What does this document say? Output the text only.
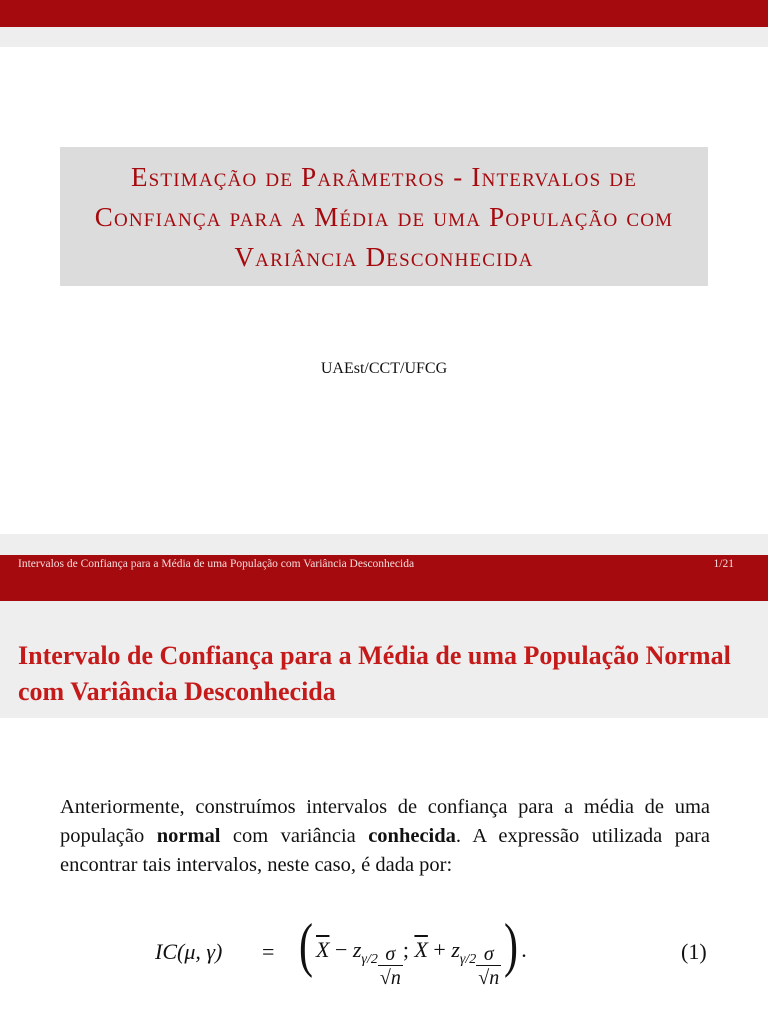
Estimação de Parâmetros - Intervalos de Confiança para a Média de uma População com Variância Desconhecida
UAEst/CCT/UFCG
Intervalos de Confiança para a Média de uma População com Variância Desconhecida	1/21
Intervalo de Confiança para a Média de uma População Normal com Variância Desconhecida
Anteriormente, construímos intervalos de confiança para a média de uma população normal com variância conhecida. A expressão utilizada para encontrar tais intervalos, neste caso, é dada por:
IC(μ, γ) = ( $\overline{X} - z_{\gamma/2} \frac{\sigma}{√n}$ ; $\overline{X} + z_{\gamma/2} \frac{\sigma}{√n}$ ) .	(1)
